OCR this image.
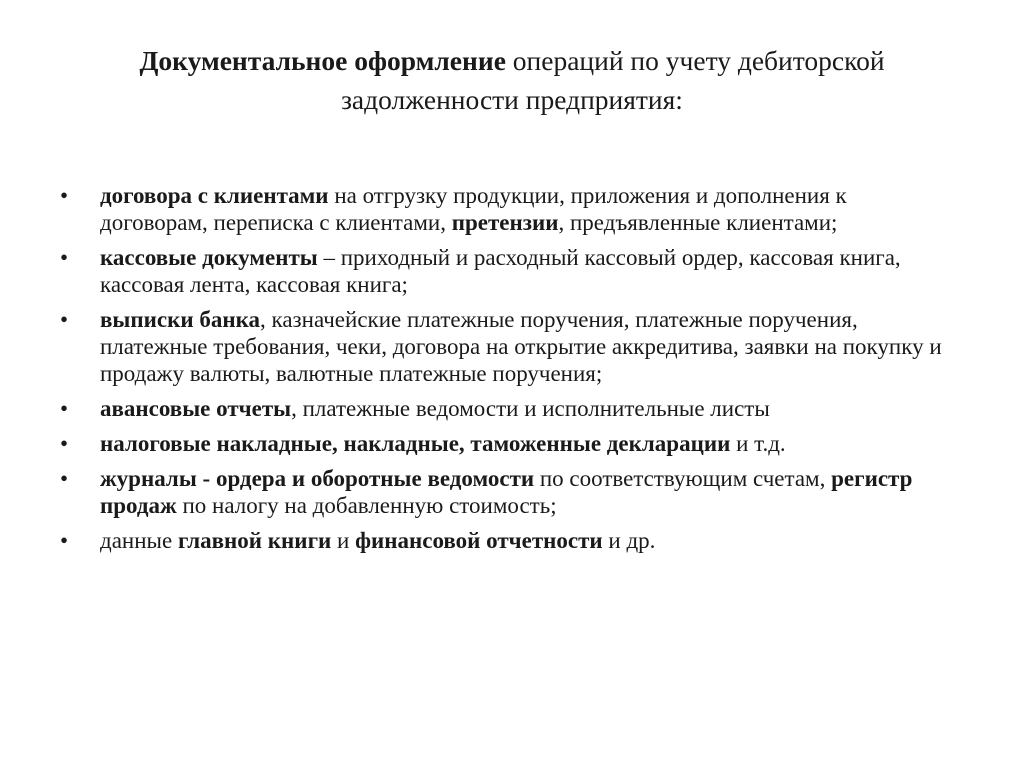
Документальное оформление операций по учету дебиторской
задолженности предприятия:
• договора с клиентами на отгрузку продукции, приложения и дополнения к договорам, переписка с клиентами, претензии, предъявленные клиентами;
• кассовые документы – приходный и расходный кассовый ордер, кассовая книга, кассовая лента, кассовая книга;
• выписки банка, казначейские платежные поручения, платежные поручения, платежные требования, чеки, договора на открытие аккредитива, заявки на покупку и продажу валюты, валютные платежные поручения;
• авансовые отчеты, платежные ведомости и исполнительные листы
• налоговые накладные, накладные, таможенные декларации и т.д.
• журналы - ордера и оборотные ведомости по соответствующим счетам, регистр продаж по налогу на добавленную стоимость;
• данные главной книги и финансовой отчетности и др.
